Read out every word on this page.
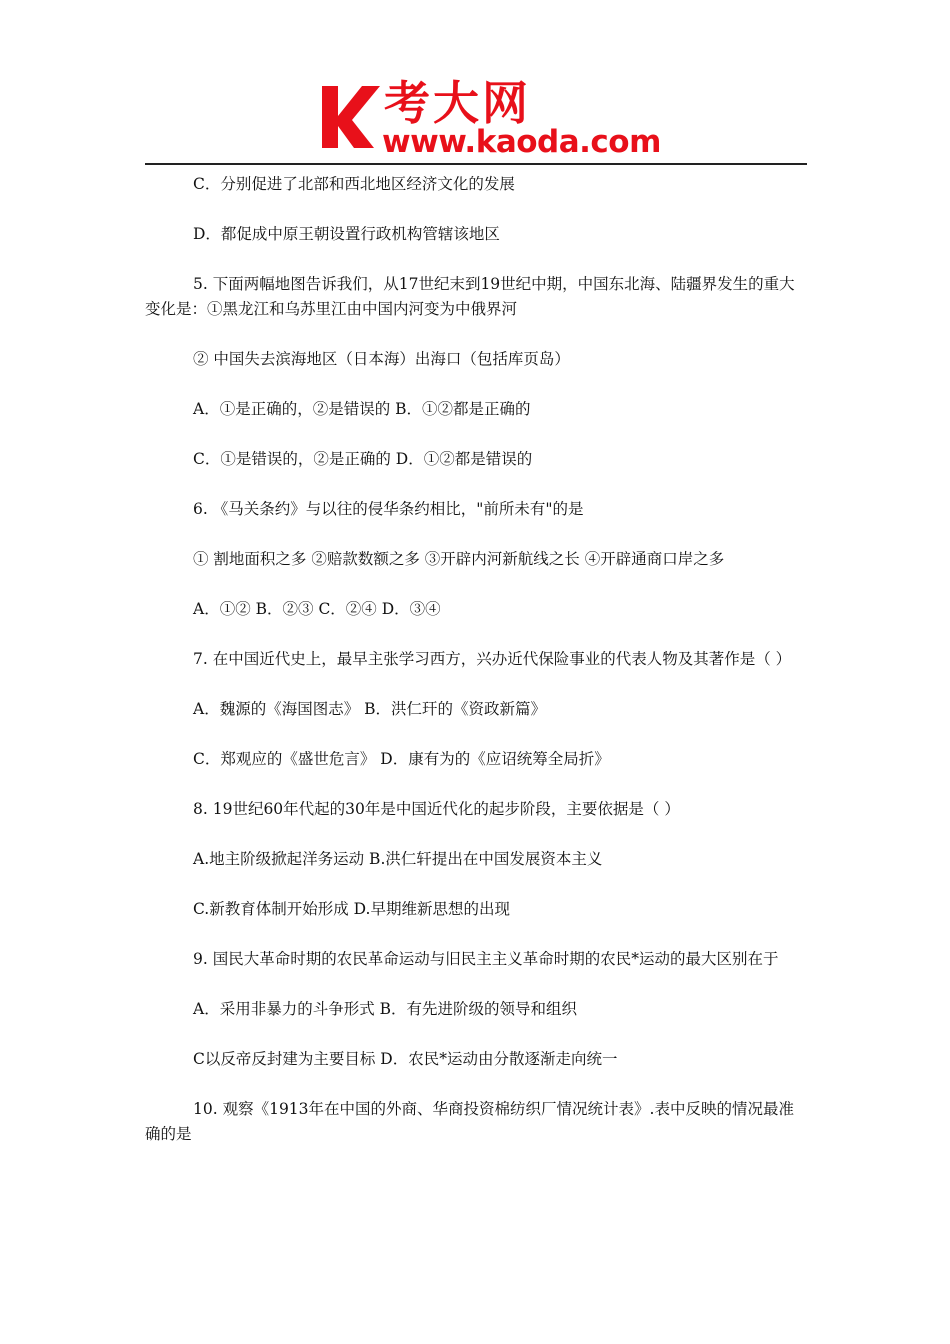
考大网
www.kaoda.com

C．分别促进了北部和西北地区经济文化的发展

D．都促成中原王朝设置行政机构管辖该地区

5. 下面两幅地图告诉我们，从17世纪末到19世纪中期，中国东北海、陆疆界发生的重大变化是：①黑龙江和乌苏里江由中国内河变为中俄界河

② 中国失去滨海地区（日本海）出海口（包括库页岛）

A．①是正确的，②是错误的 B．①②都是正确的

C．①是错误的，②是正确的 D．①②都是错误的

6. 《马关条约》与以往的侵华条约相比，"前所未有"的是

① 割地面积之多 ②赔款数额之多 ③开辟内河新航线之长 ④开辟通商口岸之多

A．①② B．②③ C．②④ D．③④

7. 在中国近代史上，最早主张学习西方，兴办近代保险事业的代表人物及其著作是（ ）

A．魏源的《海国图志》 B．洪仁玕的《资政新篇》

C．郑观应的《盛世危言》 D．康有为的《应诏统筹全局折》

8. 19世纪60年代起的30年是中国近代化的起步阶段，主要依据是（ ）

A.地主阶级掀起洋务运动 B.洪仁轩提出在中国发展资本主义

C.新教育体制开始形成 D.早期维新思想的出现

9. 国民大革命时期的农民革命运动与旧民主主义革命时期的农民*运动的最大区别在于

A．采用非暴力的斗争形式 B．有先进阶级的领导和组织

C以反帝反封建为主要目标 D．农民*运动由分散逐渐走向统一

10. 观察《1913年在中国的外商、华商投资棉纺织厂情况统计表》.表中反映的情况最准确的是
